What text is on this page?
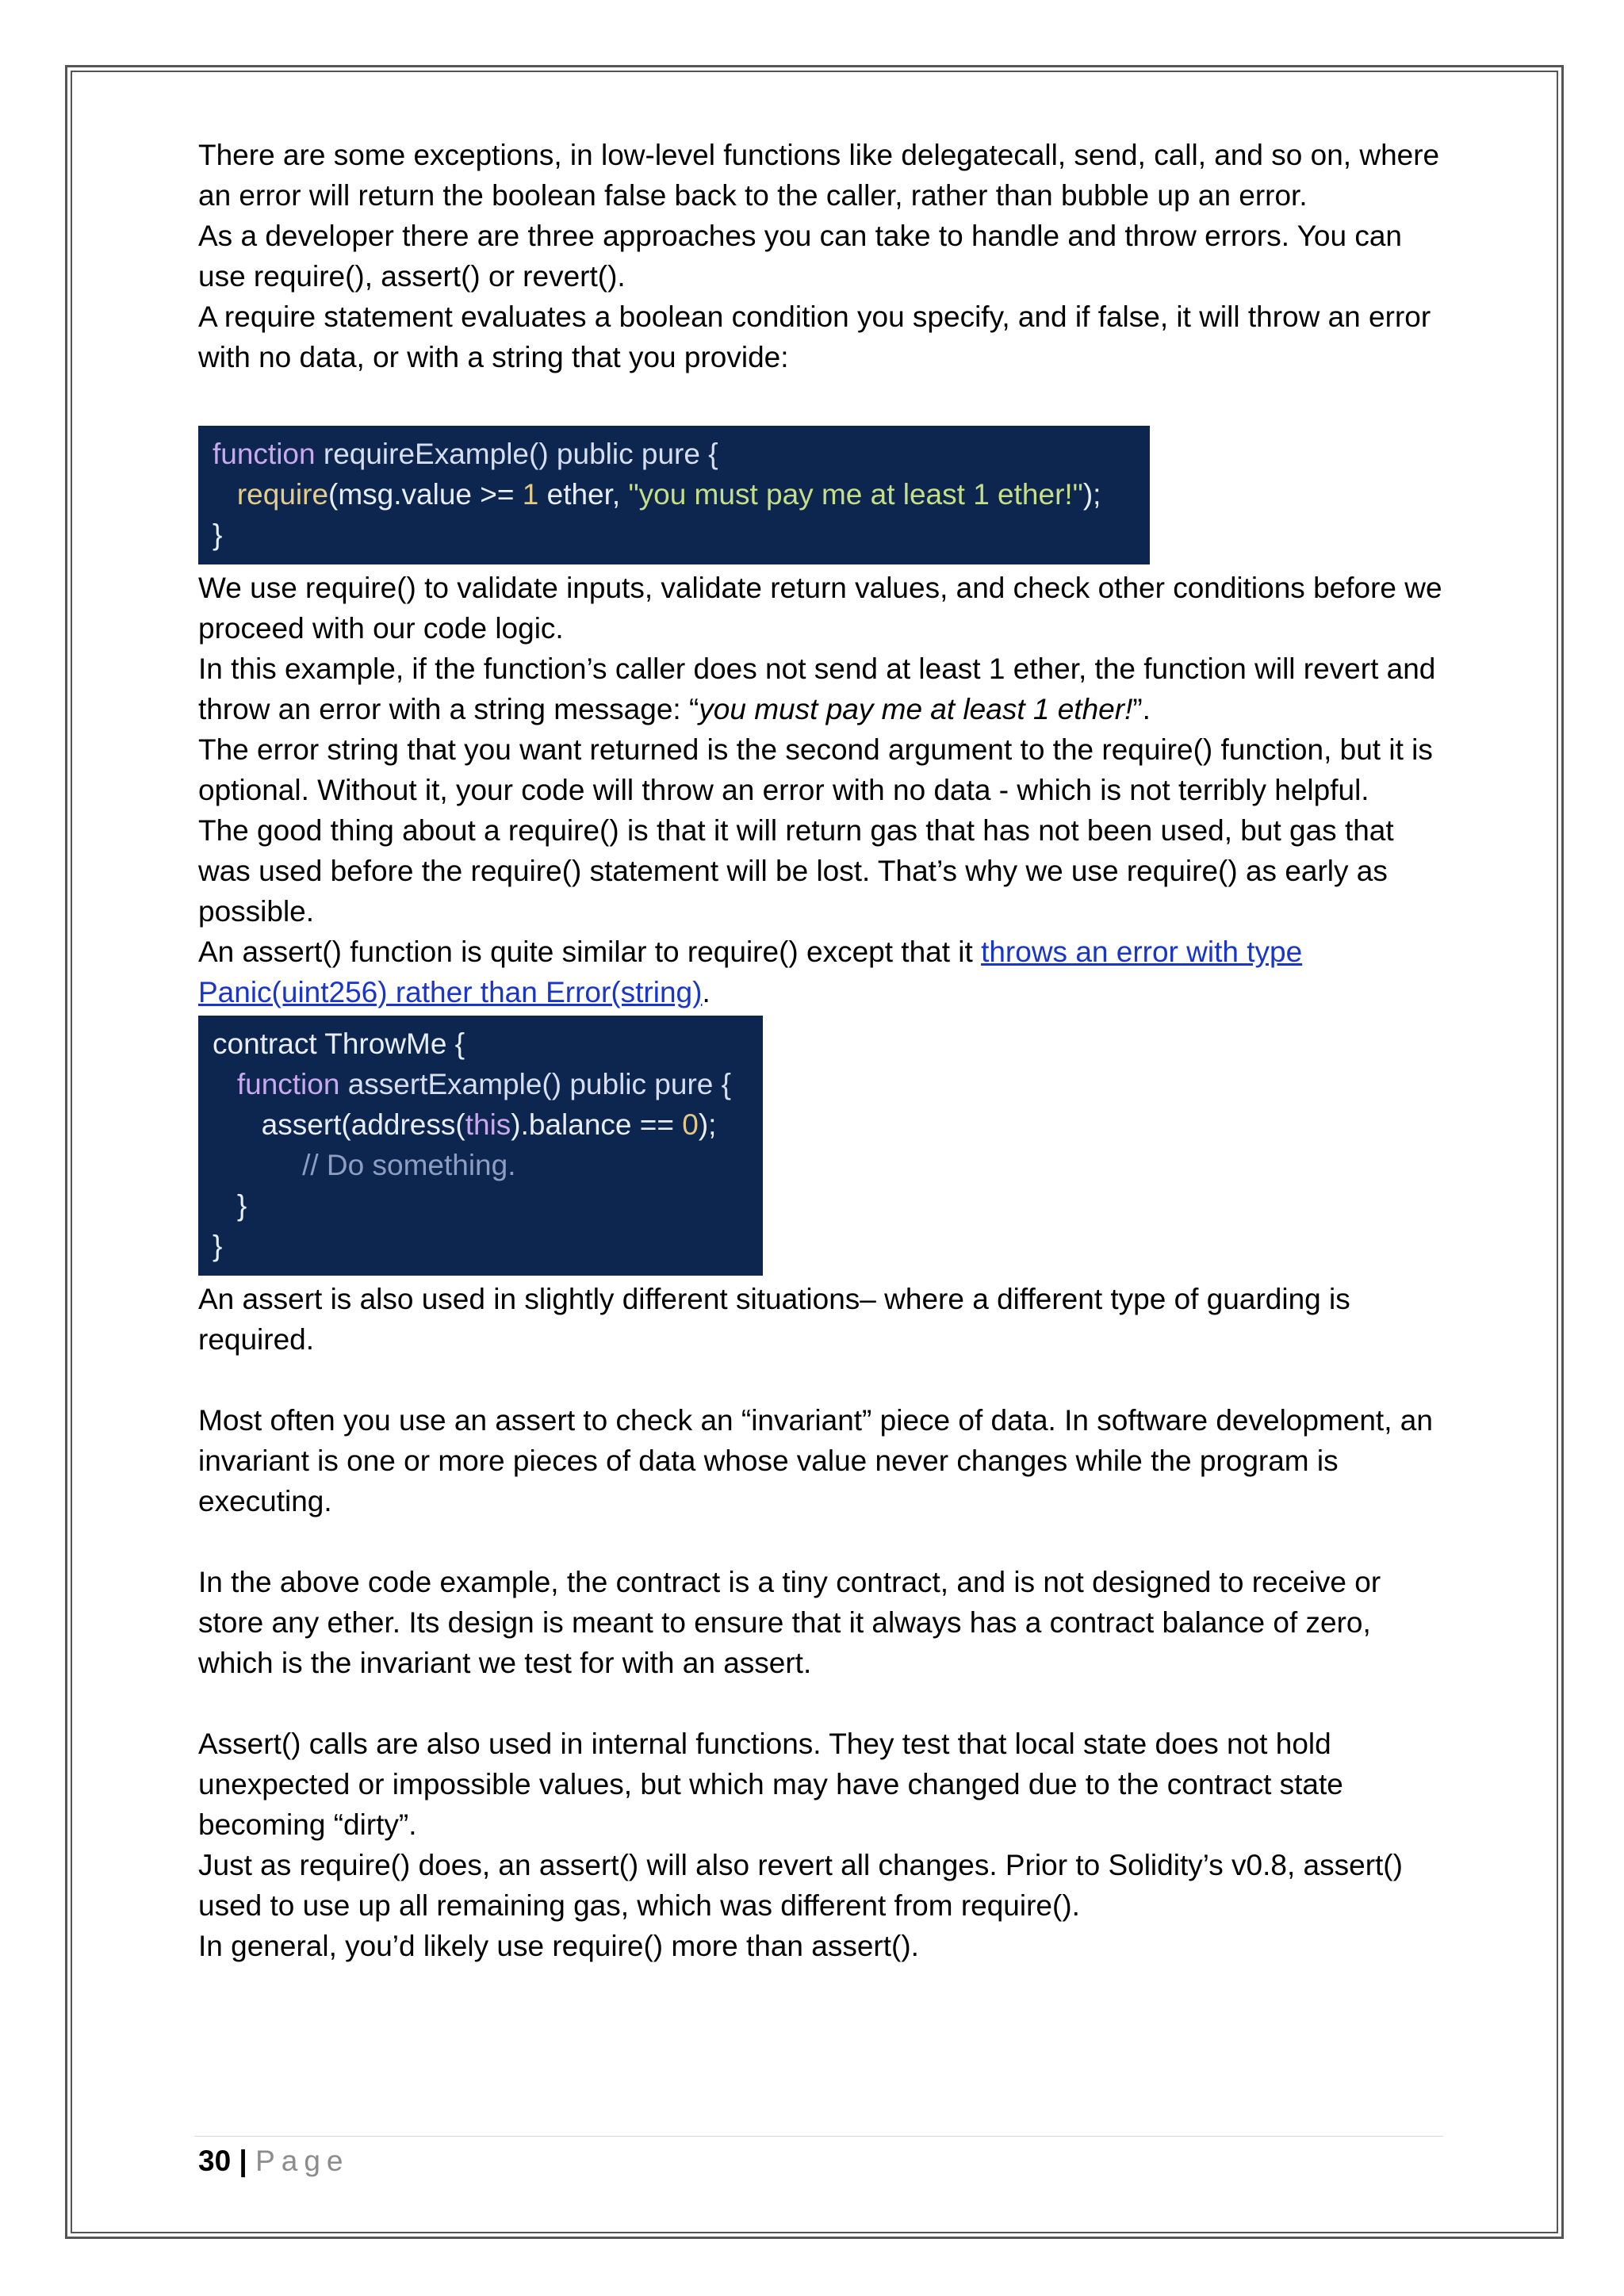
There are some exceptions, in low-level functions like delegatecall, send, call, and so on, where an error will return the boolean false back to the caller, rather than bubble up an error.

As a developer there are three approaches you can take to handle and throw errors. You can use require(), assert() or revert().

A require statement evaluates a boolean condition you specify, and if false, it will throw an error with no data, or with a string that you provide:

function requireExample() public pure {
require(msg.value >= 1 ether, "you must pay me at least 1 ether!");
}

We use require() to validate inputs, validate return values, and check other conditions before we proceed with our code logic.

In this example, if the function’s caller does not send at least 1 ether, the function will revert and throw an error with a string message: “you must pay me at least 1 ether!”.

The error string that you want returned is the second argument to the require() function, but it is optional. Without it, your code will throw an error with no data - which is not terribly helpful.

The good thing about a require() is that it will return gas that has not been used, but gas that was used before the require() statement will be lost. That’s why we use require() as early as possible.

An assert() function is quite similar to require() except that it throws an error with type Panic(uint256) rather than Error(string).

contract ThrowMe {
function assertExample() public pure {
assert(address(this).balance == 0);
// Do something.
}
}

An assert is also used in slightly different situations– where a different type of guarding is required.

Most often you use an assert to check an “invariant” piece of data. In software development, an invariant is one or more pieces of data whose value never changes while the program is executing.

In the above code example, the contract is a tiny contract, and is not designed to receive or store any ether. Its design is meant to ensure that it always has a contract balance of zero, which is the invariant we test for with an assert.

Assert() calls are also used in internal functions. They test that local state does not hold unexpected or impossible values, but which may have changed due to the contract state becoming “dirty”.

Just as require() does, an assert() will also revert all changes. Prior to Solidity’s v0.8, assert() used to use up all remaining gas, which was different from require().

In general, you’d likely use require() more than assert().

30 | Page
